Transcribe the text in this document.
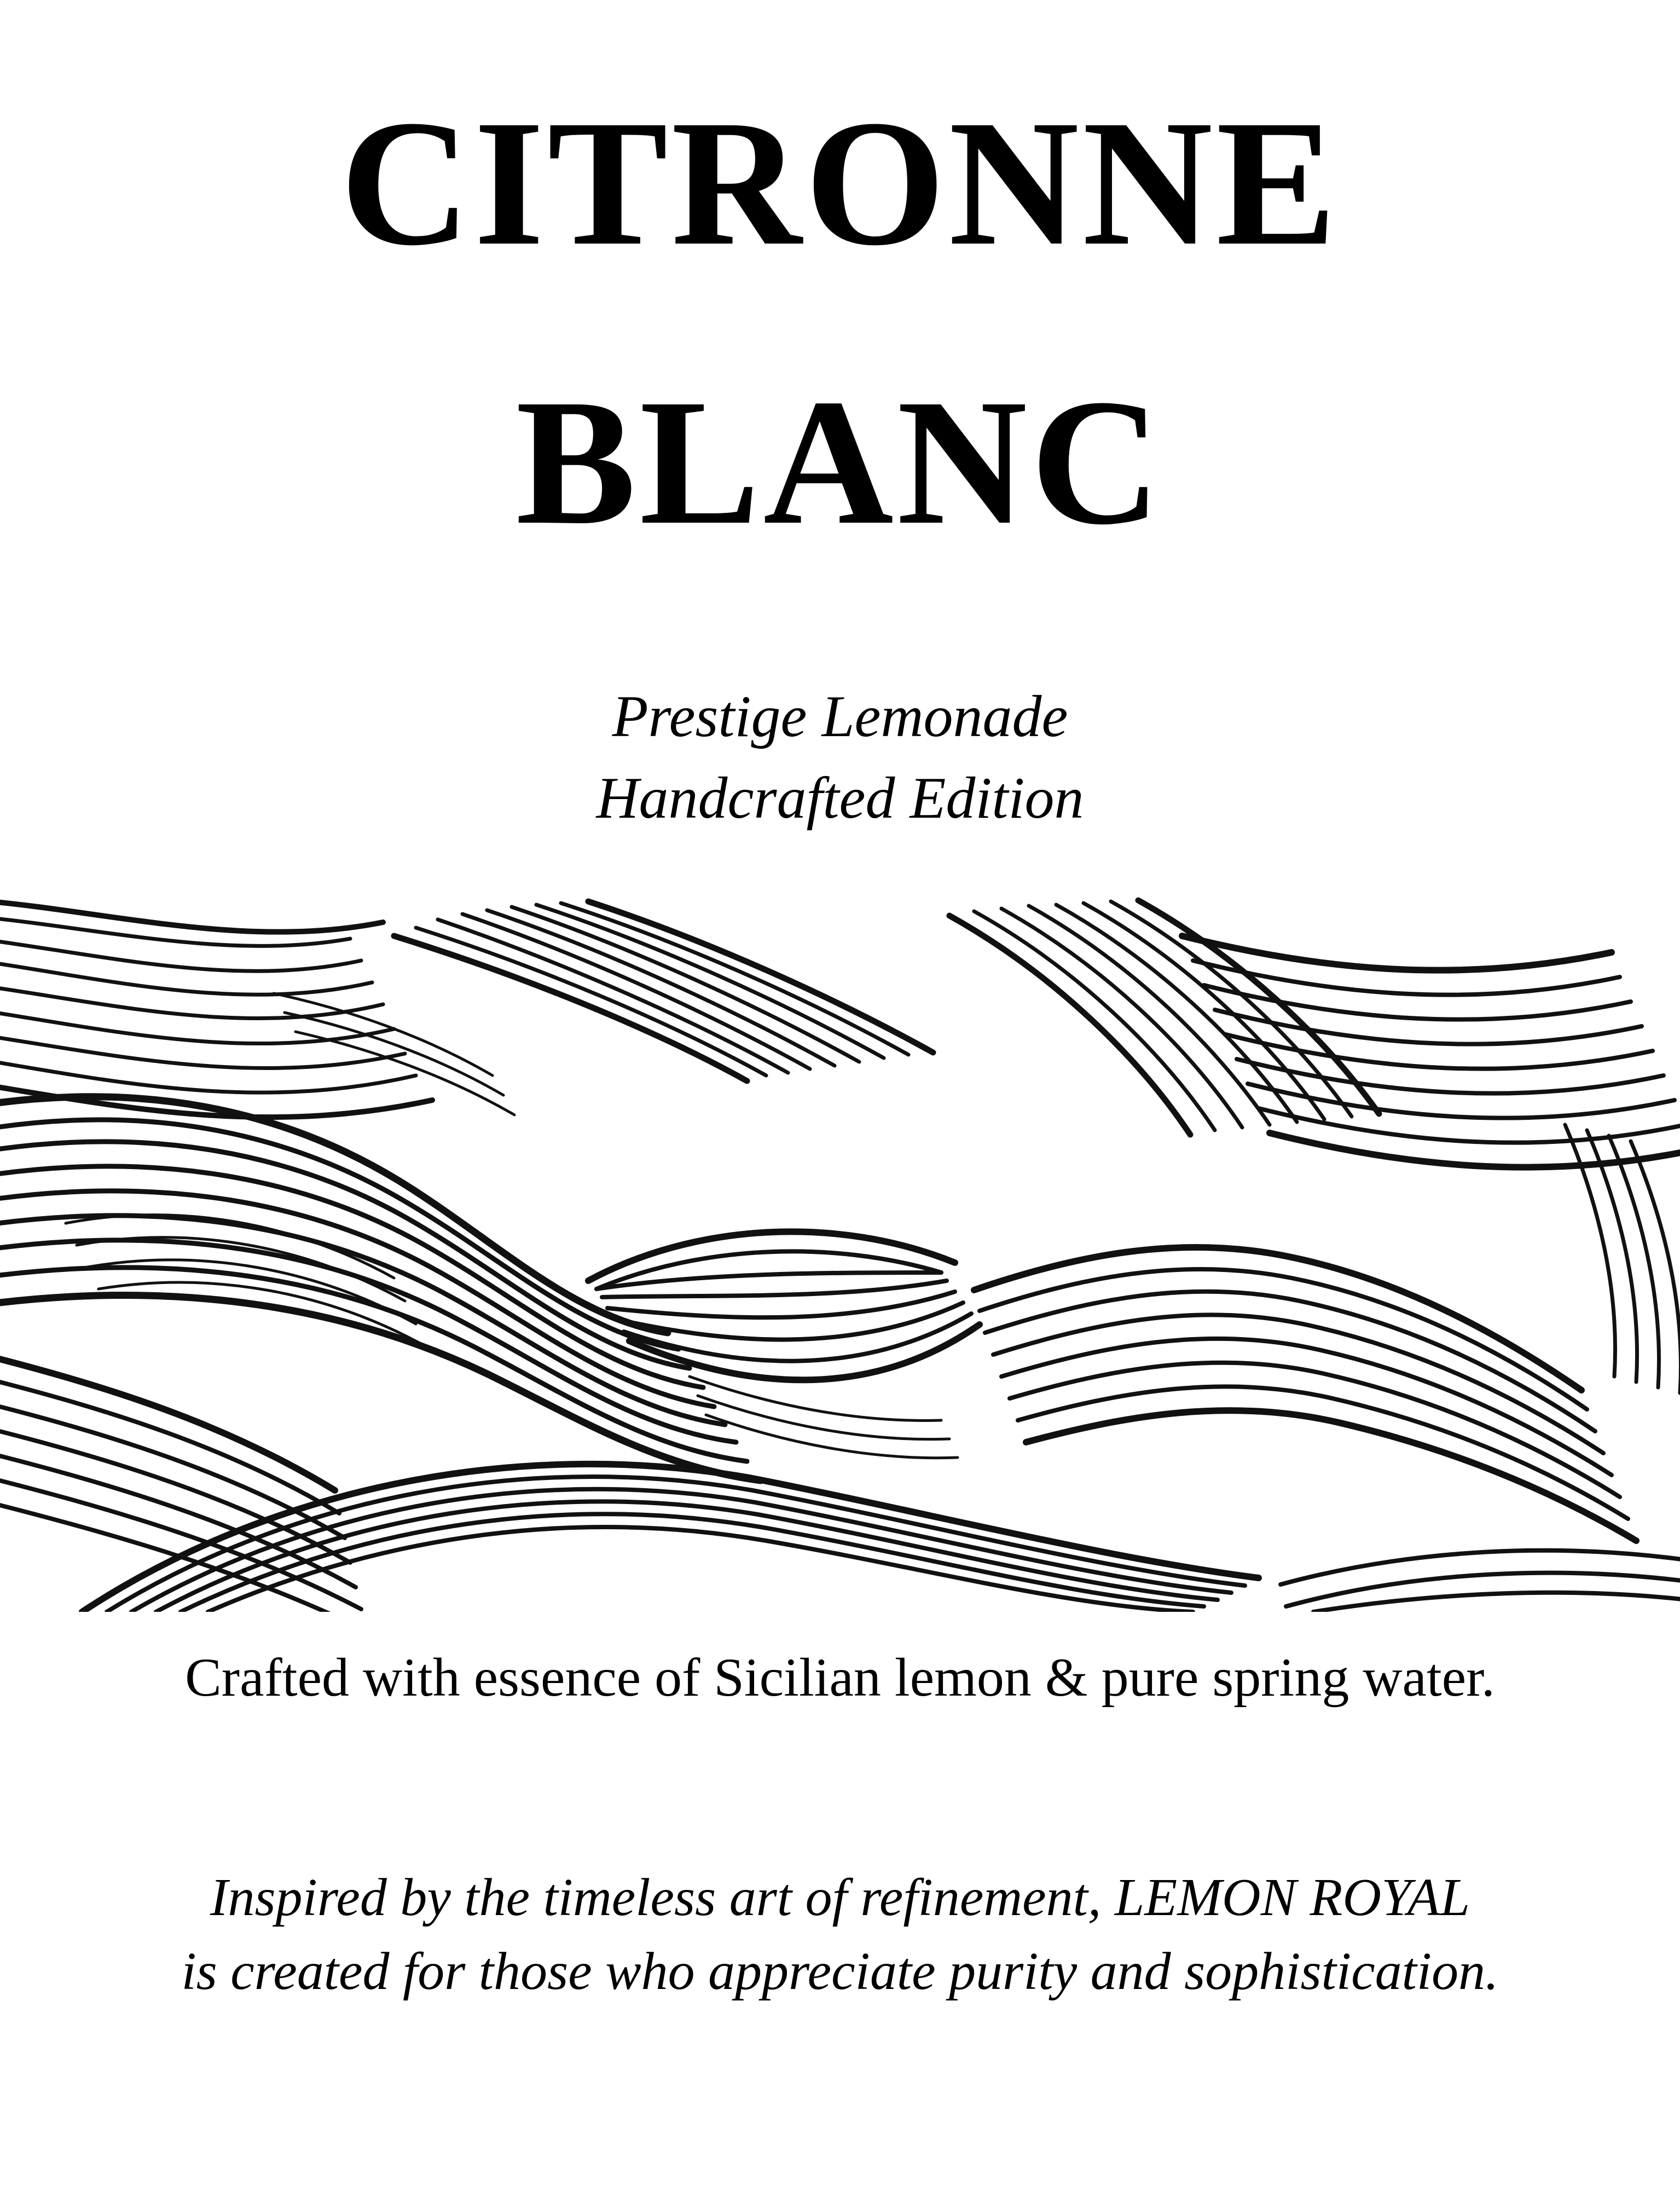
CITRONNE
BLANC
Prestige Lemonade
Handcrafted Edition
Crafted with essence of Sicilian lemon & pure spring water.
Inspired by the timeless art of refinement, LEMON ROYAL
is created for those who appreciate purity and sophistication.
